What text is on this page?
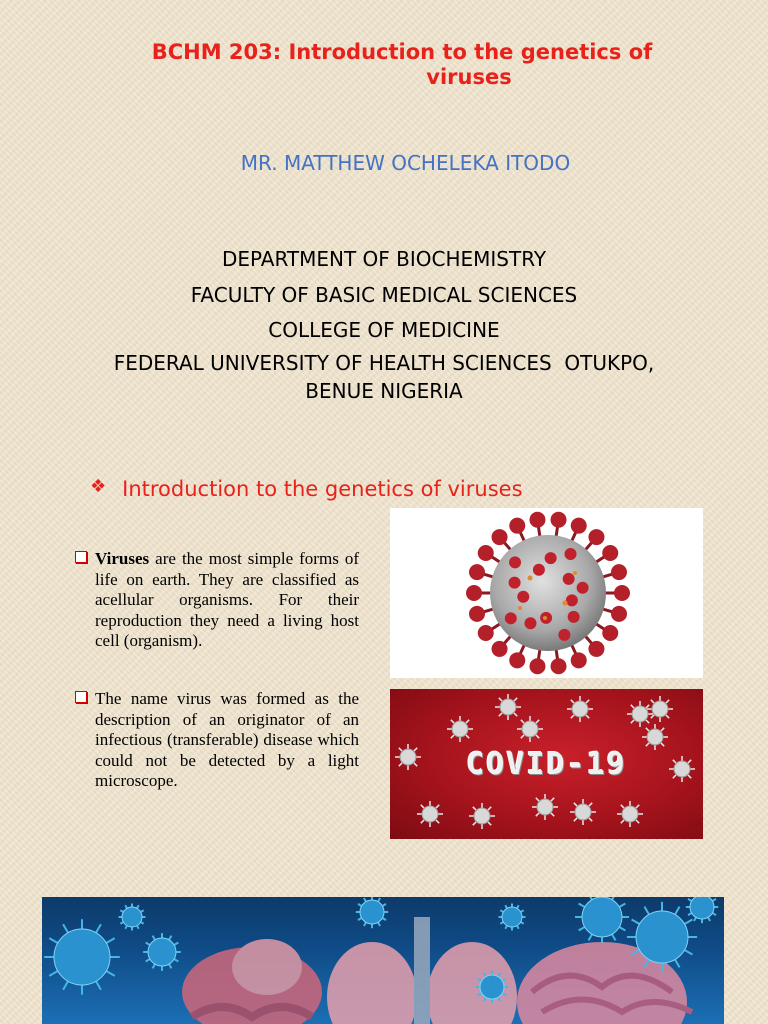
BCHM 203: Introduction to the genetics of
viruses
MR. MATTHEW OCHELEKA ITODO
DEPARTMENT OF BIOCHEMISTRY
FACULTY OF BASIC MEDICAL SCIENCES
COLLEGE OF MEDICINE
FEDERAL UNIVERSITY OF HEALTH SCIENCES  OTUKPO,
BENUE NIGERIA
❖ Introduction to the genetics of viruses
Viruses are the most simple forms of life on earth. They are classified as acellular organisms. For their reproduction they need a living host cell (organism).
The name virus was formed as the description of an originator of an infectious (transferable) disease which could not be detected by a light microscope.	COVID-19
